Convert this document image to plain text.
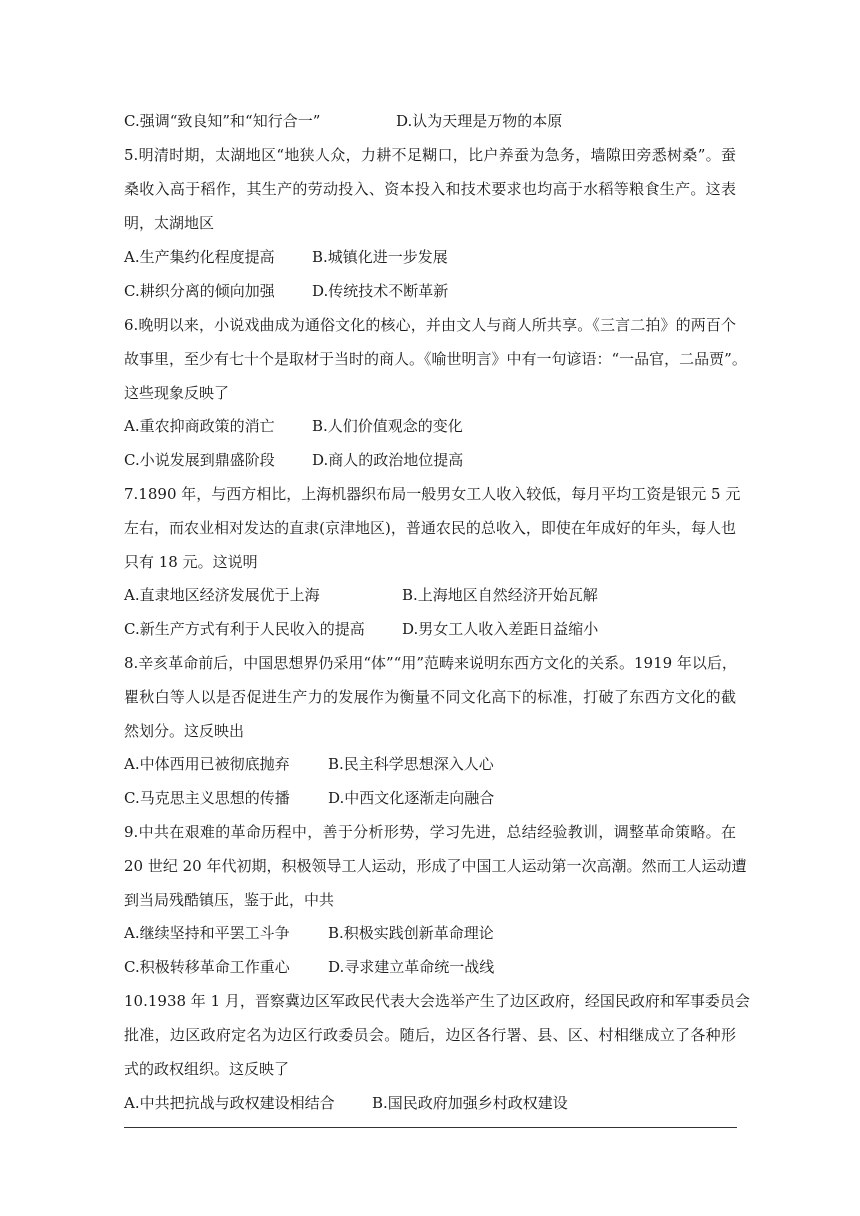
C.强调“致良知”和“知行合一”	D.认为天理是万物的本原
5.明清时期，太湖地区“地狭人众，力耕不足糊口，比户养蚕为急务，墙隙田旁悉树桑”。蚕
桑收入高于稻作，其生产的劳动投入、资本投入和技术要求也均高于水稻等粮食生产。这表
明，太湖地区
A.生产集约化程度提高 B.城镇化进一步发展
C.耕织分离的倾向加强 D.传统技术不断革新
6.晚明以来，小说戏曲成为通俗文化的核心，并由文人与商人所共享。《三言二拍》的两百个
故事里，至少有七十个是取材于当时的商人。《喻世明言》中有一句谚语：“一品官，二品贾”。
这些现象反映了
A.重农抑商政策的消亡 B.人们价值观念的变化
C.小说发展到鼎盛阶段 D.商人的政治地位提高
7.1890 年，与西方相比，上海机器织布局一般男女工人收入较低，每月平均工资是银元 5 元
左右，而农业相对发达的直隶(京津地区)，普通农民的总收入，即使在年成好的年头，每人也
只有 18 元。这说明
A.直隶地区经济发展优于上海	B.上海地区自然经济开始瓦解
C.新生产方式有利于人民收入的提高 D.男女工人收入差距日益缩小
8.辛亥革命前后，中国思想界仍采用“体”“用”范畴来说明东西方文化的关系。1919 年以后，
瞿秋白等人以是否促进生产力的发展作为衡量不同文化高下的标准，打破了东西方文化的截
然划分。这反映出
A.中体西用已被彻底抛弃	B.民主科学思想深入人心
C.马克思主义思想的传播	D.中西文化逐渐走向融合
9.中共在艰难的革命历程中，善于分析形势，学习先进，总结经验教训，调整革命策略。在
20 世纪 20 年代初期，积极领导工人运动，形成了中国工人运动第一次高潮。然而工人运动遭
到当局残酷镇压，鉴于此，中共
A.继续坚持和平罢工斗争	B.积极实践创新革命理论
C.积极转移革命工作重心	D.寻求建立革命统一战线
10.1938 年 1 月，晋察冀边区军政民代表大会选举产生了边区政府，经国民政府和军事委员会
批准，边区政府定名为边区行政委员会。随后，边区各行署、县、区、村相继成立了各种形
式的政权组织。这反映了
A.中共把抗战与政权建设相结合 B.国民政府加强乡村政权建设
